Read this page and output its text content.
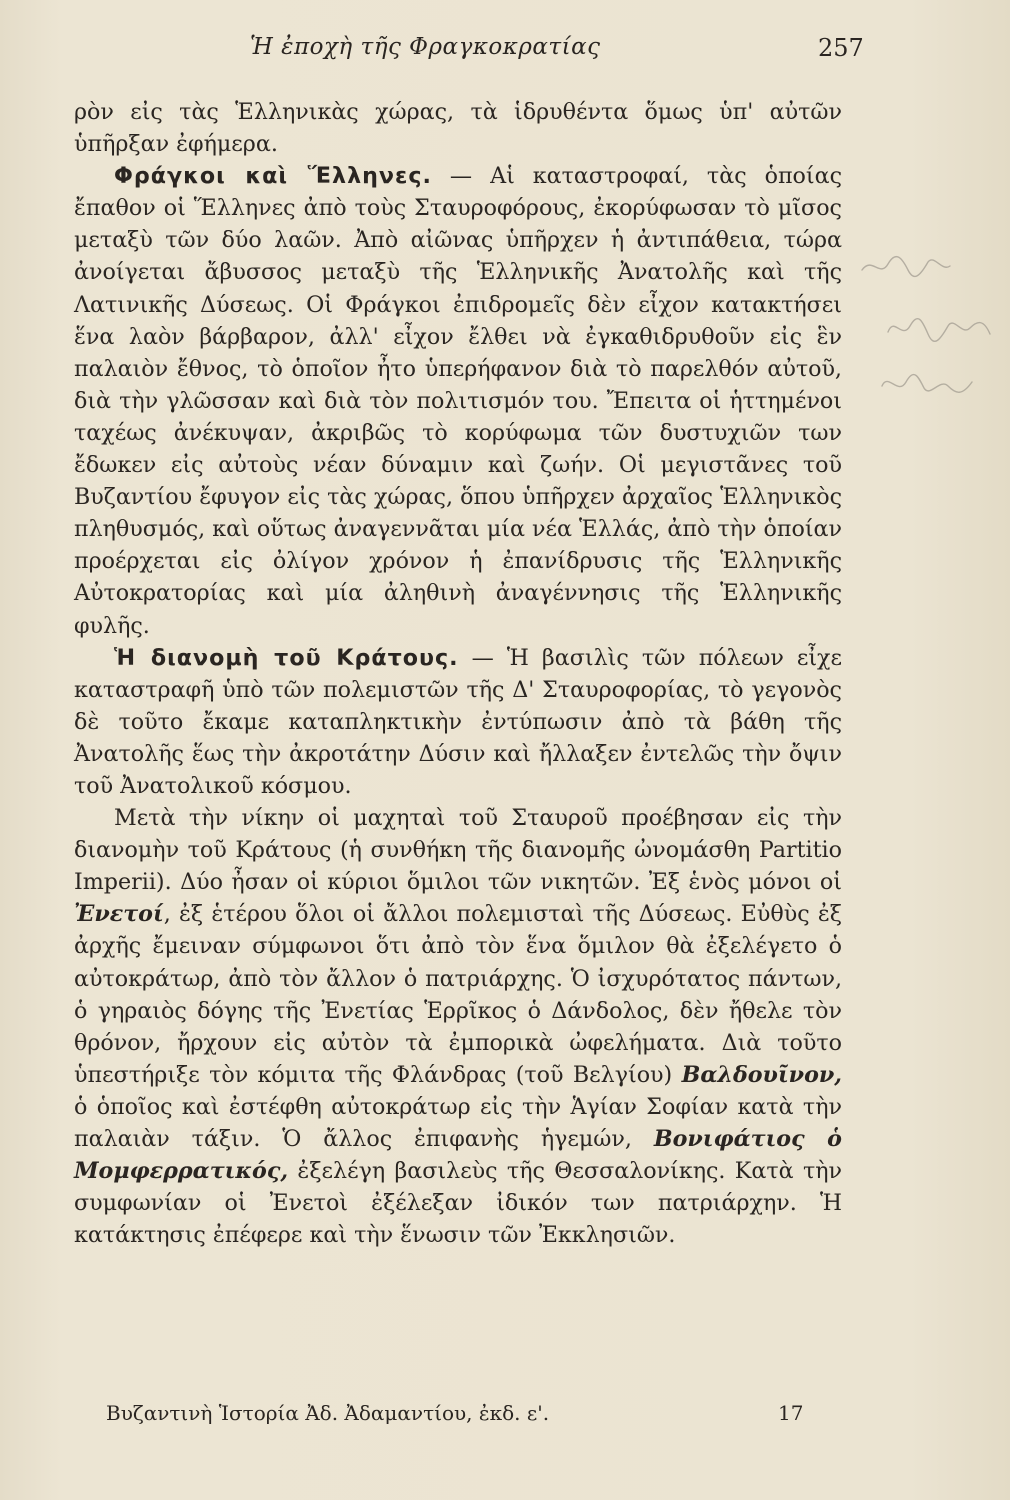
Ἡ ἐποχὴ τῆς Φραγκοκρατίας	257

ρὸν εἰς τὰς Ἑλληνικὰς χώρας, τὰ ἱδρυθέντα ὅμως ὑπ' αὐτῶν ὑπῆρξαν ἐφήμερα.

Φράγκοι καὶ Ἕλληνες. — Αἱ καταστροφαί, τὰς ὁποίας ἔπαθον οἱ Ἕλληνες ἀπὸ τοὺς Σταυροφόρους, ἐκορύφωσαν τὸ μῖσος μεταξὺ τῶν δύο λαῶν. Ἀπὸ αἰῶνας ὑπῆρχεν ἡ ἀντιπάθεια, τώρα ἀνοίγεται ἄβυσσος μεταξὺ τῆς Ἑλληνικῆς Ἀνατολῆς καὶ τῆς Λατινικῆς Δύσεως. Οἱ Φράγκοι ἐπιδρομεῖς δὲν εἶχον κατακτήσει ἕνα λαὸν βάρβαρον, ἀλλ' εἶχον ἔλθει νὰ ἐγκαθιδρυθοῦν εἰς ἓν παλαιὸν ἔθνος, τὸ ὁποῖον ἦτο ὑπερήφανον διὰ τὸ παρελθόν αὐτοῦ, διὰ τὴν γλῶσσαν καὶ διὰ τὸν πολιτισμόν του. Ἔπειτα οἱ ἡττημένοι ταχέως ἀνέκυψαν, ἀκριβῶς τὸ κορύφωμα τῶν δυστυχιῶν των ἔδωκεν εἰς αὐτοὺς νέαν δύναμιν καὶ ζωήν. Οἱ μεγιστᾶνες τοῦ Βυζαντίου ἔφυγον εἰς τὰς χώρας, ὅπου ὑπῆρχεν ἀρχαῖος Ἑλληνικὸς πληθυσμός, καὶ οὕτως ἀναγεννᾶται μία νέα Ἑλλάς, ἀπὸ τὴν ὁποίαν προέρχεται εἰς ὀλίγον χρόνον ἡ ἐπανίδρυσις τῆς Ἑλληνικῆς Αὐτοκρατορίας καὶ μία ἀληθινὴ ἀναγέννησις τῆς Ἑλληνικῆς φυλῆς.

Ἡ διανομὴ τοῦ Κράτους. — Ἡ βασιλὶς τῶν πόλεων εἶχε καταστραφῆ ὑπὸ τῶν πολεμιστῶν τῆς Δ' Σταυροφορίας, τὸ γεγονὸς δὲ τοῦτο ἔκαμε καταπληκτικὴν ἐντύπωσιν ἀπὸ τὰ βάθη τῆς Ἀνατολῆς ἕως τὴν ἀκροτάτην Δύσιν καὶ ἤλλαξεν ἐντελῶς τὴν ὄψιν τοῦ Ἀνατολικοῦ κόσμου.

Μετὰ τὴν νίκην οἱ μαχηταὶ τοῦ Σταυροῦ προέβησαν εἰς τὴν διανομὴν τοῦ Κράτους (ἡ συνθήκη τῆς διανομῆς ὠνομάσθη Partitio Imperii). Δύο ἦσαν οἱ κύριοι ὅμιλοι τῶν νικητῶν. Ἐξ ἑνὸς μόνοι οἱ Ἐνετοί, ἐξ ἑτέρου ὅλοι οἱ ἄλλοι πολεμισταὶ τῆς Δύσεως. Εὐθὺς ἐξ ἀρχῆς ἔμειναν σύμφωνοι ὅτι ἀπὸ τὸν ἕνα ὅμιλον θὰ ἐξελέγετο ὁ αὐτοκράτωρ, ἀπὸ τὸν ἄλλον ὁ πατριάρχης. Ὁ ἰσχυρότατος πάντων, ὁ γηραιὸς δόγης τῆς Ἐνετίας Ἑρρῖκος ὁ Δάνδολος, δὲν ἤθελε τὸν θρόνον, ἤρχουν εἰς αὐτὸν τὰ ἐμπορικὰ ὠφελήματα. Διὰ τοῦτο ὑπεστήριξε τὸν κόμιτα τῆς Φλάνδρας (τοῦ Βελγίου) Βαλδουῖνον, ὁ ὁποῖος καὶ ἐστέφθη αὐτοκράτωρ εἰς τὴν Ἁγίαν Σοφίαν κατὰ τὴν παλαιὰν τάξιν. Ὁ ἄλλος ἐπιφανὴς ἡγεμών, Βονιφάτιος ὁ Μομφερρατικός, ἐξελέγη βασιλεὺς τῆς Θεσσαλονίκης. Κατὰ τὴν συμφωνίαν οἱ Ἐνετοὶ ἐξέλεξαν ἰδικόν των πατριάρχην. Ἡ κατάκτησις ἐπέφερε καὶ τὴν ἕνωσιν τῶν Ἐκκλησιῶν.

Βυζαντινὴ Ἱστορία Ἀδ. Ἀδαμαντίου, ἐκδ. ε'.	17
